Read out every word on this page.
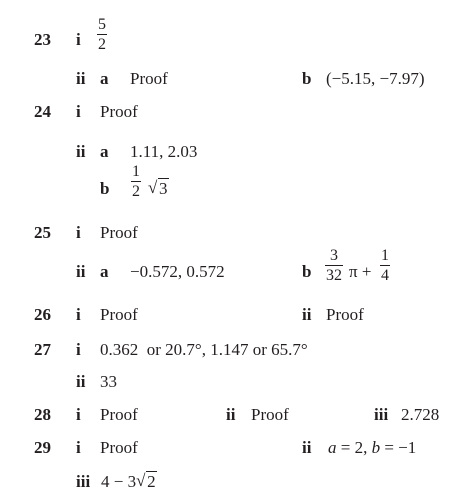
23 i
5
2
ii a Proof	b (−5.15, −7.97)
24 i Proof
ii a 1.11, 2.03
b
1
2 √ 3
25 i Proof
ii a −0.572, 0.572	b
3
32 π +
1
4
26 i Proof	ii Proof
27 i 0.362  or 20.7°, 1.147 or 65.7°
ii 33
28 i Proof	ii Proof	iii 2.728
29 i Proof	ii a = 2, b = −1
iii 4 − 3 √ 2
